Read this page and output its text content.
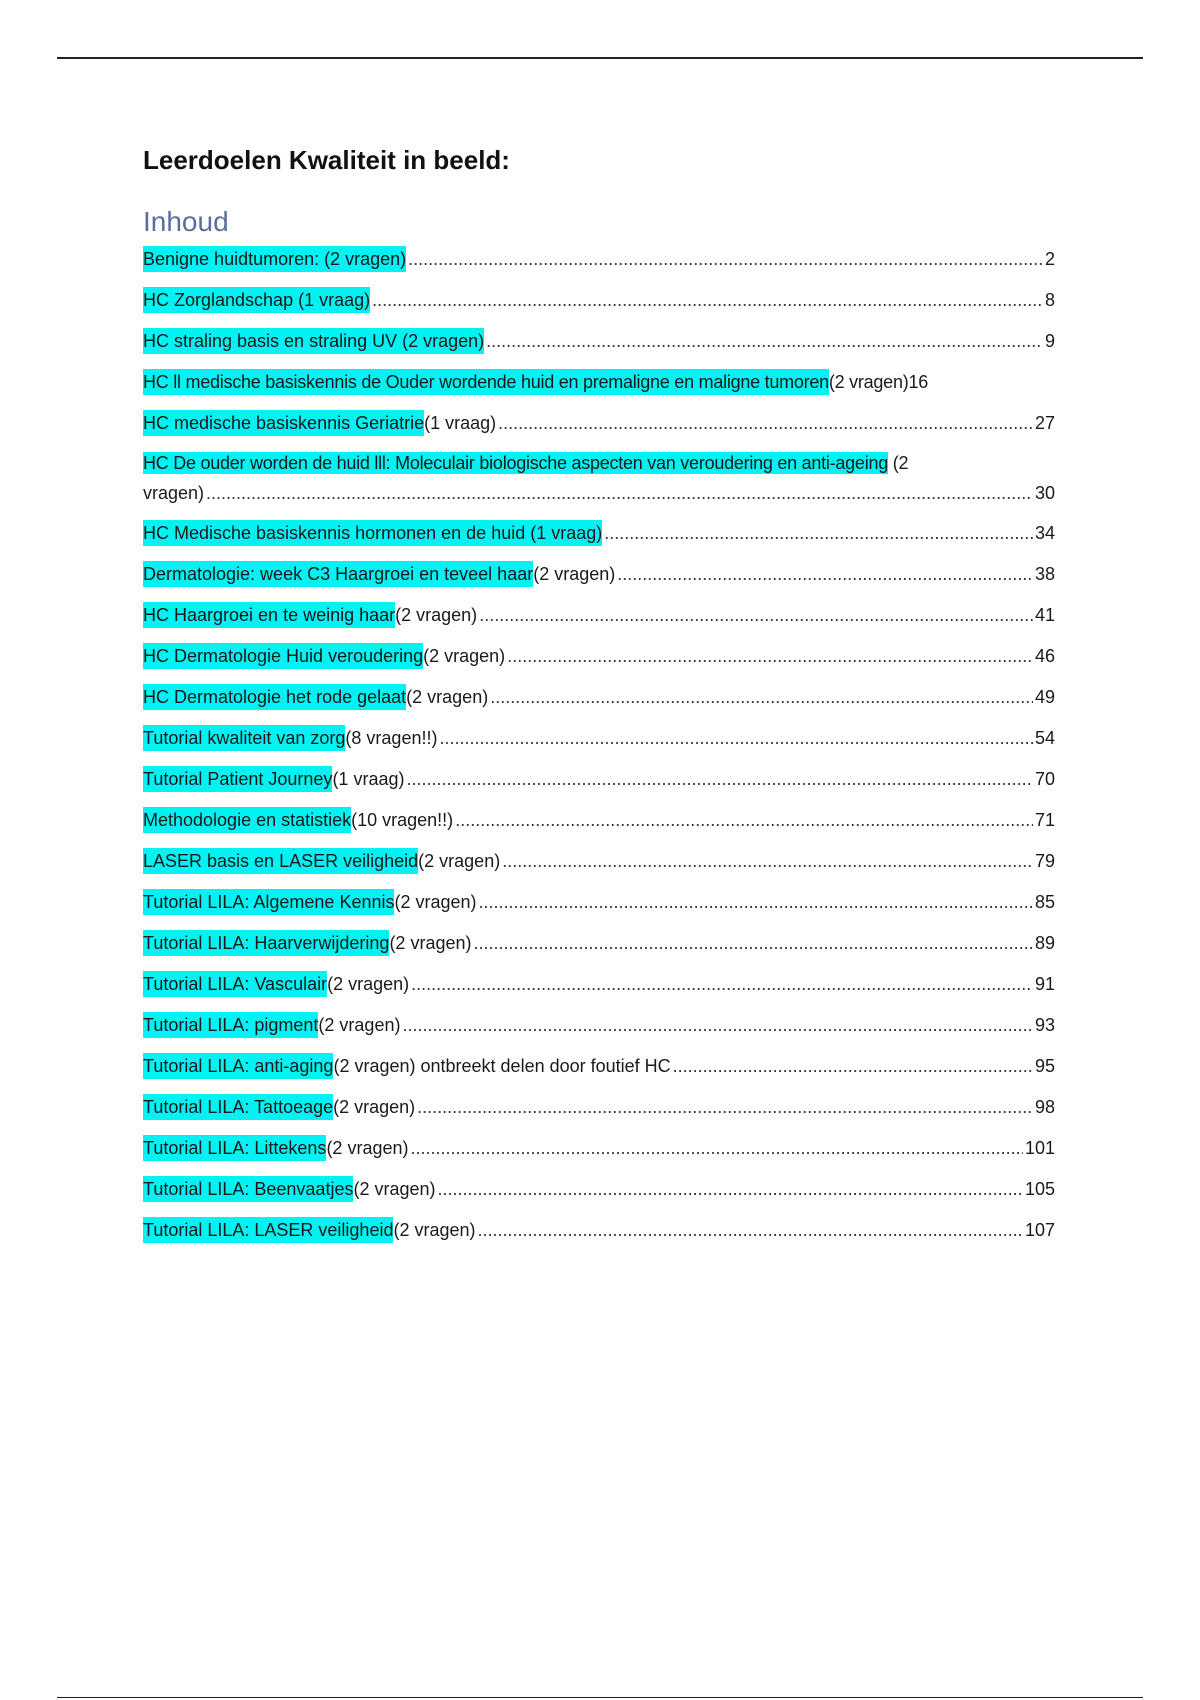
Leerdoelen Kwaliteit in beeld:
Inhoud
Benigne huidtumoren: (2 vragen) .....	2
HC Zorglandschap (1 vraag) .....	8
HC straling basis en straling UV (2 vragen) .....	9
HC ll medische basiskennis de Ouder wordende huid en premaligne en maligne tumoren (2 vragen) 16
HC medische basiskennis Geriatrie (1 vraag) .....	27
HC De ouder worden de huid lll: Moleculair biologische aspecten van veroudering en anti-ageing (2
vragen) .....	30
HC Medische basiskennis hormonen en de huid (1 vraag) .....	34
Dermatologie: week C3 Haargroei en teveel haar (2 vragen) .....	38
HC Haargroei en te weinig haar (2 vragen) .....	41
HC Dermatologie Huid veroudering (2 vragen) .....	46
HC Dermatologie het rode gelaat (2 vragen) .....	49
Tutorial kwaliteit van zorg (8 vragen!!) .....	54
Tutorial Patient Journey (1 vraag) .....	70
Methodologie en statistiek (10 vragen!!) .....	71
LASER basis en LASER veiligheid (2 vragen) .....	79
Tutorial LILA: Algemene Kennis (2 vragen) .....	85
Tutorial LILA: Haarverwijdering (2 vragen) .....	89
Tutorial LILA: Vasculair (2 vragen) .....	91
Tutorial LILA: pigment (2 vragen) .....	93
Tutorial LILA: anti-aging (2 vragen) ontbreekt delen door foutief HC .....	95
Tutorial LILA: Tattoeage (2 vragen) .....	98
Tutorial LILA: Littekens (2 vragen) .....	101
Tutorial LILA: Beenvaatjes (2 vragen) .....	105
Tutorial LILA: LASER veiligheid (2 vragen) .....	107
